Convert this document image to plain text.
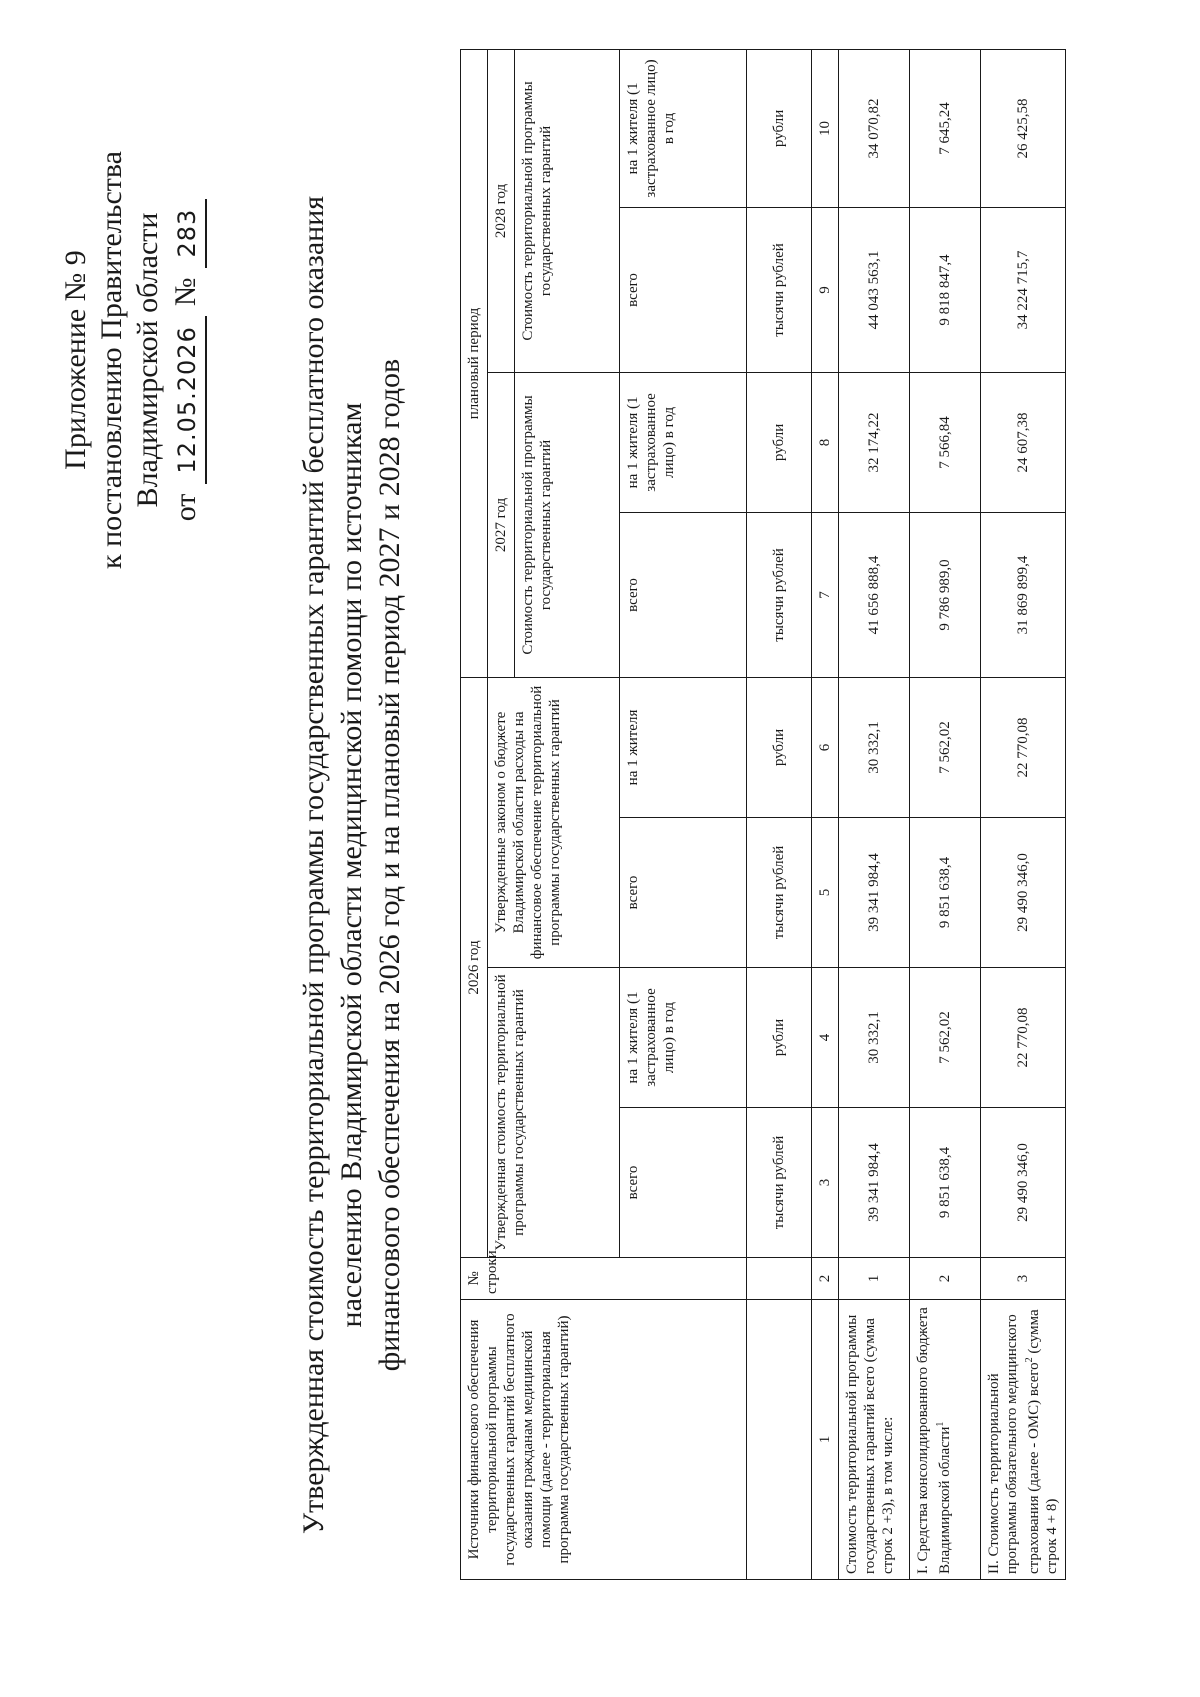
Приложение № 9 к постановлению Правительства Владимирской области от
12.05.2026
№
283	Утвержденная стоимость территориальной программы государственных гарантий бесплатного оказания населению Владимирской области медицинской помощи по источникам финансового обеспечения на 2026 год и на плановый период 2027 и 2028 годов
Источники финансового обеспечения территориальной программы государственных гарантий бесплатного оказания гражданам медицинской помощи (далее - территориальная программа государственных гарантий)	№ строки	2026 год				плановый период			
		Утвержденная стоимость территориальной программы государственных гарантий		Утвержденные законом о бюджете Владимирской области расходы на финансовое обеспечение территориальной программы государственных гарантий		2027 год		2028 год	
						Стоимость территориальной программы государственных гарантий		Стоимость территориальной программы государственных гарантий	
		всего	на 1 жителя (1 застрахованное лицо) в год	всего	на 1 жителя	всего	на 1 жителя (1 застрахованное лицо) в год	всего	на 1 жителя (1 застрахованное лицо) в год
		тысячи рублей	рубли	тысячи рублей	рубли	тысячи рублей	рубли	тысячи рублей	рубли
1	2	3	4	5	6	7	8	9	10
Стоимость территориальной программы государственных гарантий всего (сумма строк 2 +3), в том числе:	1	39 341 984,4	30 332,1	39 341 984,4	30 332,1	41 656 888,4	32 174,22	44 043 563,1	34 070,82
I. Средства консолидированного бюджета Владимирской области$^1$	2	9 851 638,4	7 562,02	9 851 638,4	7 562,02	9 786 989,0	7 566,84	9 818 847,4	7 645,24
II. Стоимость территориальной программы обязательного медицинского страхования (далее - ОМС) всего$^2$ (сумма строк 4 + 8)	3	29 490 346,0	22 770,08	29 490 346,0	22 770,08	31 869 899,4	24 607,38	34 224 715,7	26 425,58
